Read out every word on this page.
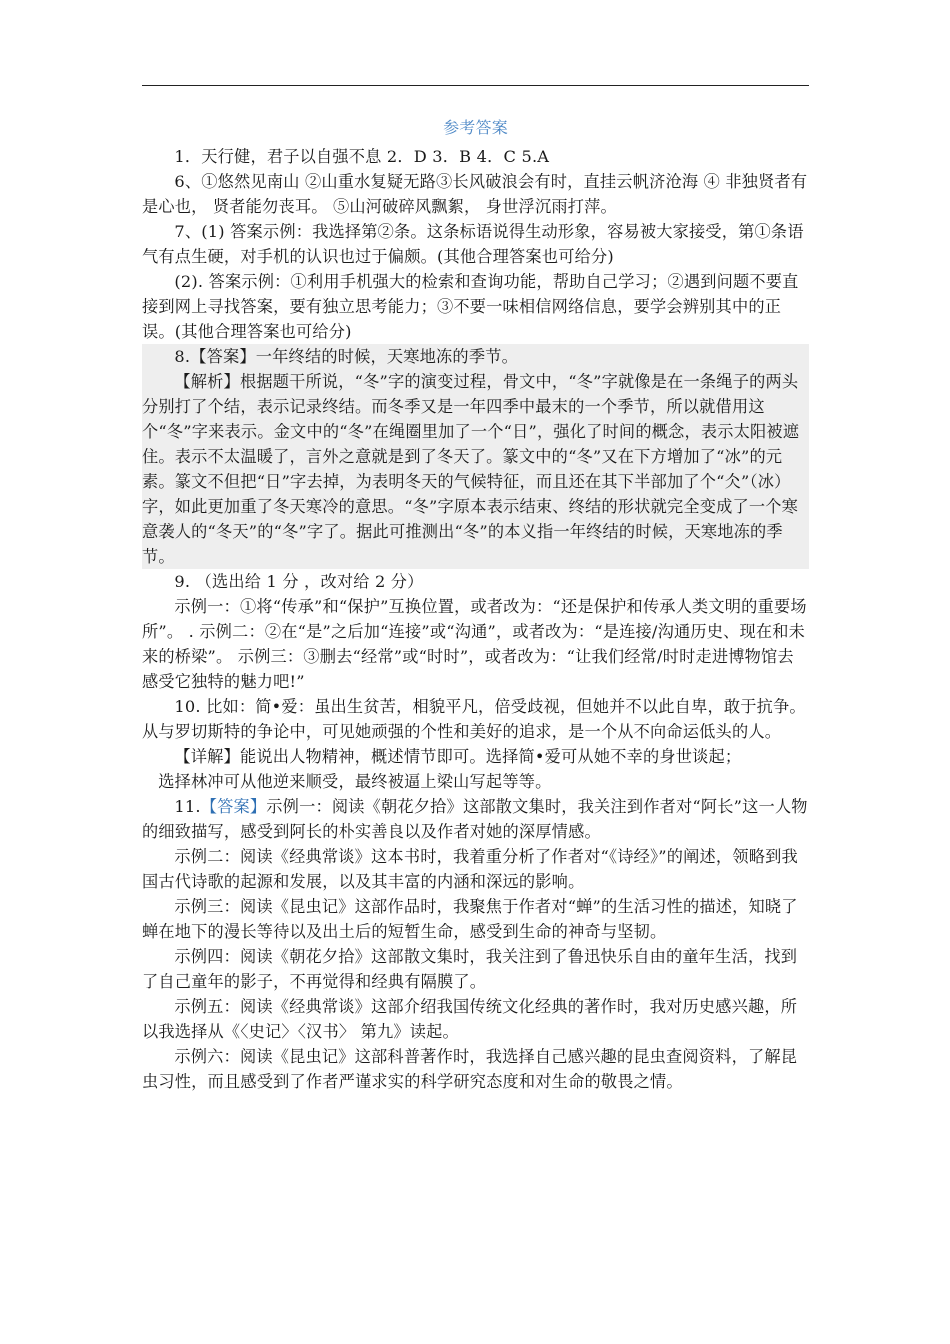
参考答案

1．天行健，君子以自强不息 2．D 3．B 4．C 5.A

6、①悠然见南山 ②山重水复疑无路③长风破浪会有时，直挂云帆济沧海 ④ 非独贤者有是心也， 贤者能勿丧耳。 ⑤山河破碎风飘絮， 身世浮沉雨打萍。

7、(1) 答案示例：我选择第②条。这条标语说得生动形象，容易被大家接受，第①条语气有点生硬，对手机的认识也过于偏颇。(其他合理答案也可给分)

(2). 答案示例：①利用手机强大的检索和查询功能，帮助自己学习；②遇到问题不要直接到网上寻找答案，要有独立思考能力；③不要一味相信网络信息，要学会辨别其中的正误。(其他合理答案也可给分)

8.【答案】一年终结的时候，天寒地冻的季节。

【解析】根据题干所说，“冬”字的演变过程，骨文中，“冬”字就像是在一条绳子的两头分别打了个结，表示记录终结。而冬季又是一年四季中最末的一个季节，所以就借用这个“冬”字来表示。金文中的“冬”在绳圈里加了一个“日”，强化了时间的概念，表示太阳被遮住。表示不太温暖了，言外之意就是到了冬天了。篆文中的“冬”又在下方增加了“冰”的元素。篆文不但把“日”字去掉，为表明冬天的气候特征，而且还在其下半部加了个“仌”（冰）字，如此更加重了冬天寒冷的意思。“冬”字原本表示结束、终结的形状就完全变成了一个寒意袭人的“冬天”的“冬”字了。据此可推测出“冬”的本义指一年终结的时候，天寒地冻的季节。

9. （选出给 1 分 ，改对给 2 分）

示例一：①将“传承”和“保护”互换位置，或者改为：“还是保护和传承人类文明的重要场所”。 . 示例二：②在“是”之后加“连接”或“沟通”，或者改为：“是连接/沟通历史、现在和未来的桥梁”。 示例三：③删去“经常”或“时时”，或者改为：“让我们经常/时时走进博物馆去感受它独特的魅力吧!”

10. 比如：简•爱：虽出生贫苦，相貌平凡，倍受歧视，但她并不以此自卑，敢于抗争。从与罗切斯特的争论中，可见她顽强的个性和美好的追求，是一个从不向命运低头的人。

【详解】能说出人物精神，概述情节即可。选择简•爱可从她不幸的身世谈起；

选择林冲可从他逆来顺受，最终被逼上梁山写起等等。

11.【答案】示例一：阅读《朝花夕拾》这部散文集时，我关注到作者对“阿长”这一人物的细致描写，感受到阿长的朴实善良以及作者对她的深厚情感。

示例二：阅读《经典常谈》这本书时，我着重分析了作者对“《诗经》”的阐述，领略到我国古代诗歌的起源和发展，以及其丰富的内涵和深远的影响。

示例三：阅读《昆虫记》这部作品时，我聚焦于作者对“蝉”的生活习性的描述，知晓了蝉在地下的漫长等待以及出土后的短暂生命，感受到生命的神奇与坚韧。

示例四：阅读《朝花夕拾》这部散文集时，我关注到了鲁迅快乐自由的童年生活，找到了自己童年的影子，不再觉得和经典有隔膜了。

示例五：阅读《经典常谈》这部介绍我国传统文化经典的著作时，我对历史感兴趣，所以我选择从《〈史记〉〈汉书〉 第九》读起。

示例六：阅读《昆虫记》这部科普著作时，我选择自己感兴趣的昆虫查阅资料，了解昆虫习性，而且感受到了作者严谨求实的科学研究态度和对生命的敬畏之情。
